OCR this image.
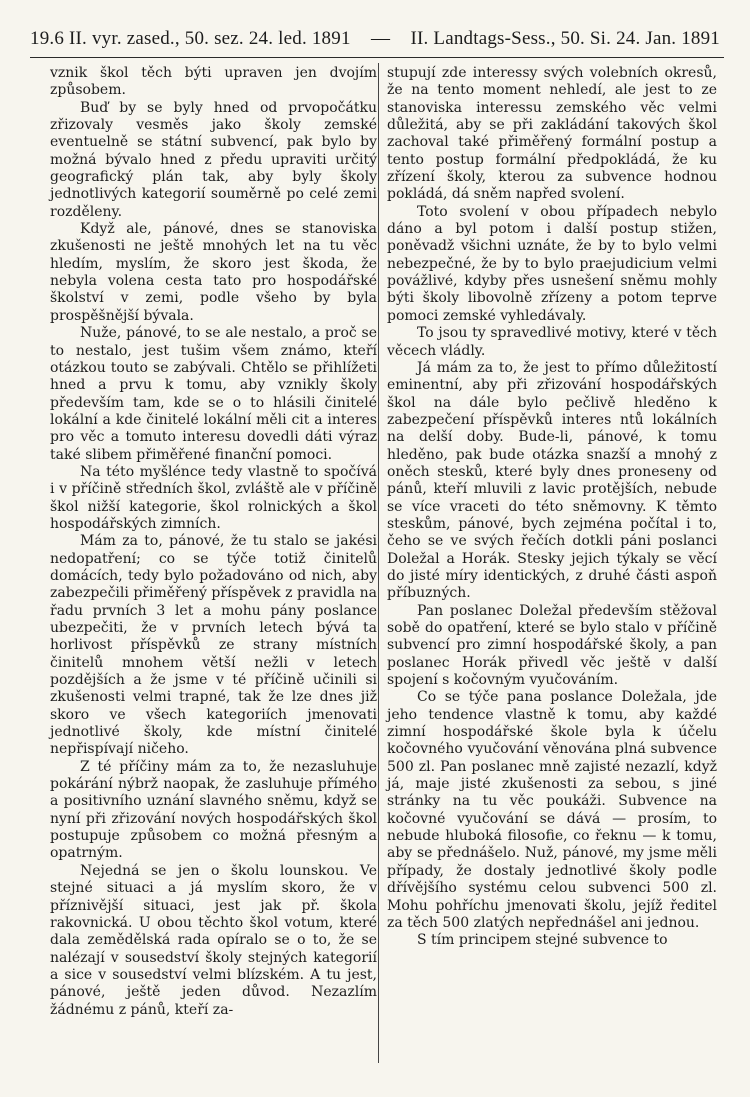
19.6 II. vyr. zased., 50. sez. 24. led. 1891 — II. Landtags-Sess., 50. Si. 24. Jan. 1891

vznik škol těch býti upraven jen dvojím způsobem.

Buď by se byly hned od prvopočátku zřizovaly vesměs jako školy zemské eventuelně se státní subvencí, pak bylo by možná bývalo hned z předu upraviti určitý geografický plán tak, aby byly školy jednotlivých kategorií souměrně po celé zemi rozděleny.

Když ale, pánové, dnes se stanoviska zkušenosti ne ještě mnohých let na tu věc hledím, myslím, že skoro jest škoda, že nebyla volena cesta tato pro hospodářské školství v zemi, podle všeho by byla prospěšnější bývala.

Nuže, pánové, to se ale nestalo, a proč se to nestalo, jest tušim všem známo, kteří otázkou touto se zabývali. Chtělo se přihlížeti hned a prvu k tomu, aby vznikly školy především tam, kde se o to hlásili činitelé lokální a kde činitelé lokální měli cit a interes pro věc a tomuto interesu dovedli dáti výraz také slibem přiměřené finanční pomoci.

Na této myšlénce tedy vlastně to spočívá i v příčině středních škol, zvláště ale v příčině škol nižší kategorie, škol rolnických a škol hospodářských zimních.

Mám za to, pánové, že tu stalo se jakési nedopatření; co se týče totiž činitelů domácích, tedy bylo požadováno od nich, aby zabezpečili přiměřený příspěvek z pravidla na řadu prvních 3 let a mohu pány poslance ubezpečiti, že v prvních letech bývá ta horlivost příspěvků ze strany místních činitelů mnohem větší nežli v letech pozdějších a že jsme v té příčině učinili si zkušenosti velmi trapné, tak že lze dnes již skoro ve všech kategoriích jmenovati jednotlivé školy, kde místní činitelé nepřispívají ničeho.

Z té příčiny mám za to, že nezasluhuje pokárání nýbrž naopak, že zasluhuje přímého a positivního uznání slavného sněmu, když se nyní při zřizování nových hospodářských škol postupuje způsobem co možná přesným a opatrným.

Nejedná se jen o školu lounskou. Ve stejné situaci a já myslím skoro, že v příznivější situaci, jest jak př. škola rakovnická. U obou těchto škol votum, které dala zemědělská rada opíralo se o to, že se nalézají v sousedství školy stejných kategorií a sice v sousedství velmi blízském. A tu jest, pánové, ještě jeden důvod. Nezazlím žádnému z pánů, kteří za-

stupují zde interessy svých volebních okresů, že na tento moment nehledí, ale jest to ze stanoviska interessu zemského věc velmi důležitá, aby se při zakládání takových škol zachoval také přiměřený formální postup a tento postup formální předpokládá, že ku zřízení školy, kterou za subvence hodnou pokládá, dá sněm napřed svolení.

Toto svolení v obou případech nebylo dáno a byl potom i další postup stižen, poněvadž všichni uznáte, že by to bylo velmi nebezpečné, že by to bylo praejudicium velmi povážlivé, kdyby přes usnešení sněmu mohly býti školy libovolně zřízeny a potom teprve pomoci zemské vyhledávaly.

To jsou ty spravedlivé motivy, které v těch věcech vládly.

Já mám za to, že jest to přímo důležitostí eminentní, aby při zřizování hospodářských škol na dále bylo pečlivě hleděno k zabezpečení příspěvků interes ntů lokálních na delší doby. Bude-li, pánové, k tomu hleděno, pak bude otázka snazší a mnohý z oněch stesků, které byly dnes proneseny od pánů, kteří mluvili z lavic protějších, nebude se více vraceti do této sněmovny. K těmto steskům, pánové, bych zejména počítal i to, čeho se ve svých řečích dotkli páni poslanci Doležal a Horák. Stesky jejich týkaly se věcí do jisté míry identických, z druhé části aspoň příbuzných.

Pan poslanec Doležal především stěžoval sobě do opatření, které se bylo stalo v příčině subvencí pro zimní hospodářské školy, a pan poslanec Horák přivedl věc ještě v další spojení s kočovným vyučováním.

Co se týče pana poslance Doležala, jde jeho tendence vlastně k tomu, aby každé zimní hospodářské škole byla k účelu kočovného vyučování věnována plná subvence 500 zl. Pan poslanec mně zajisté nezazlí, když já, maje jisté zkušenosti za sebou, s jiné stránky na tu věc poukáži. Subvence na kočovné vyučování se dává — prosím, to nebude hluboká filosofie, co řeknu — k tomu, aby se přednášelo. Nuž, pánové, my jsme měli případy, že dostaly jednotlivé školy podle dřívějšího systému celou subvenci 500 zl. Mohu pohříchu jmenovati školu, jejíž ředitel za těch 500 zlatých nepřednášel ani jednou.

S tím principem stejné subvence to
